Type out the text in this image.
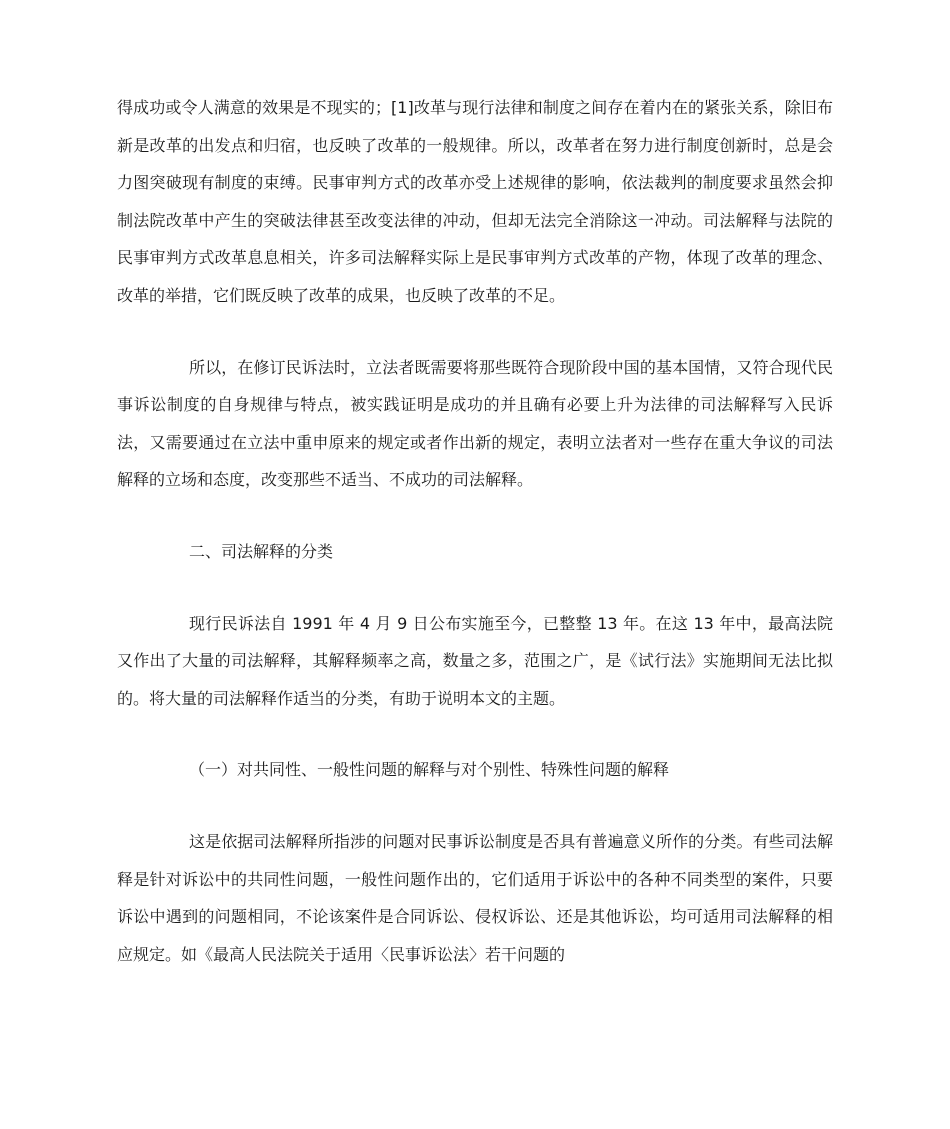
得成功或令人满意的效果是不现实的；[1]改革与现行法律和制度之间存在着内在的紧张关系，除旧布新是改革的出发点和归宿，也反映了改革的一般规律。所以，改革者在努力进行制度创新时，总是会力图突破现有制度的束缚。民事审判方式的改革亦受上述规律的影响，依法裁判的制度要求虽然会抑制法院改革中产生的突破法律甚至改变法律的冲动，但却无法完全消除这一冲动。司法解释与法院的民事审判方式改革息息相关，许多司法解释实际上是民事审判方式改革的产物，体现了改革的理念、改革的举措，它们既反映了改革的成果，也反映了改革的不足。

所以，在修订民诉法时，立法者既需要将那些既符合现阶段中国的基本国情，又符合现代民事诉讼制度的自身规律与特点，被实践证明是成功的并且确有必要上升为法律的司法解释写入民诉法，又需要通过在立法中重申原来的规定或者作出新的规定，表明立法者对一些存在重大争议的司法解释的立场和态度，改变那些不适当、不成功的司法解释。

二、司法解释的分类

现行民诉法自 1991 年 4 月 9 日公布实施至今，已整整 13 年。在这 13 年中，最高法院又作出了大量的司法解释，其解释频率之高，数量之多，范围之广，是《试行法》实施期间无法比拟的。将大量的司法解释作适当的分类，有助于说明本文的主题。

（一）对共同性、一般性问题的解释与对个别性、特殊性问题的解释

这是依据司法解释所指涉的问题对民事诉讼制度是否具有普遍意义所作的分类。有些司法解释是针对诉讼中的共同性问题，一般性问题作出的，它们适用于诉讼中的各种不同类型的案件，只要诉讼中遇到的问题相同，不论该案件是合同诉讼、侵权诉讼、还是其他诉讼，均可适用司法解释的相应规定。如《最高人民法院关于适用〈民事诉讼法〉若干问题的
